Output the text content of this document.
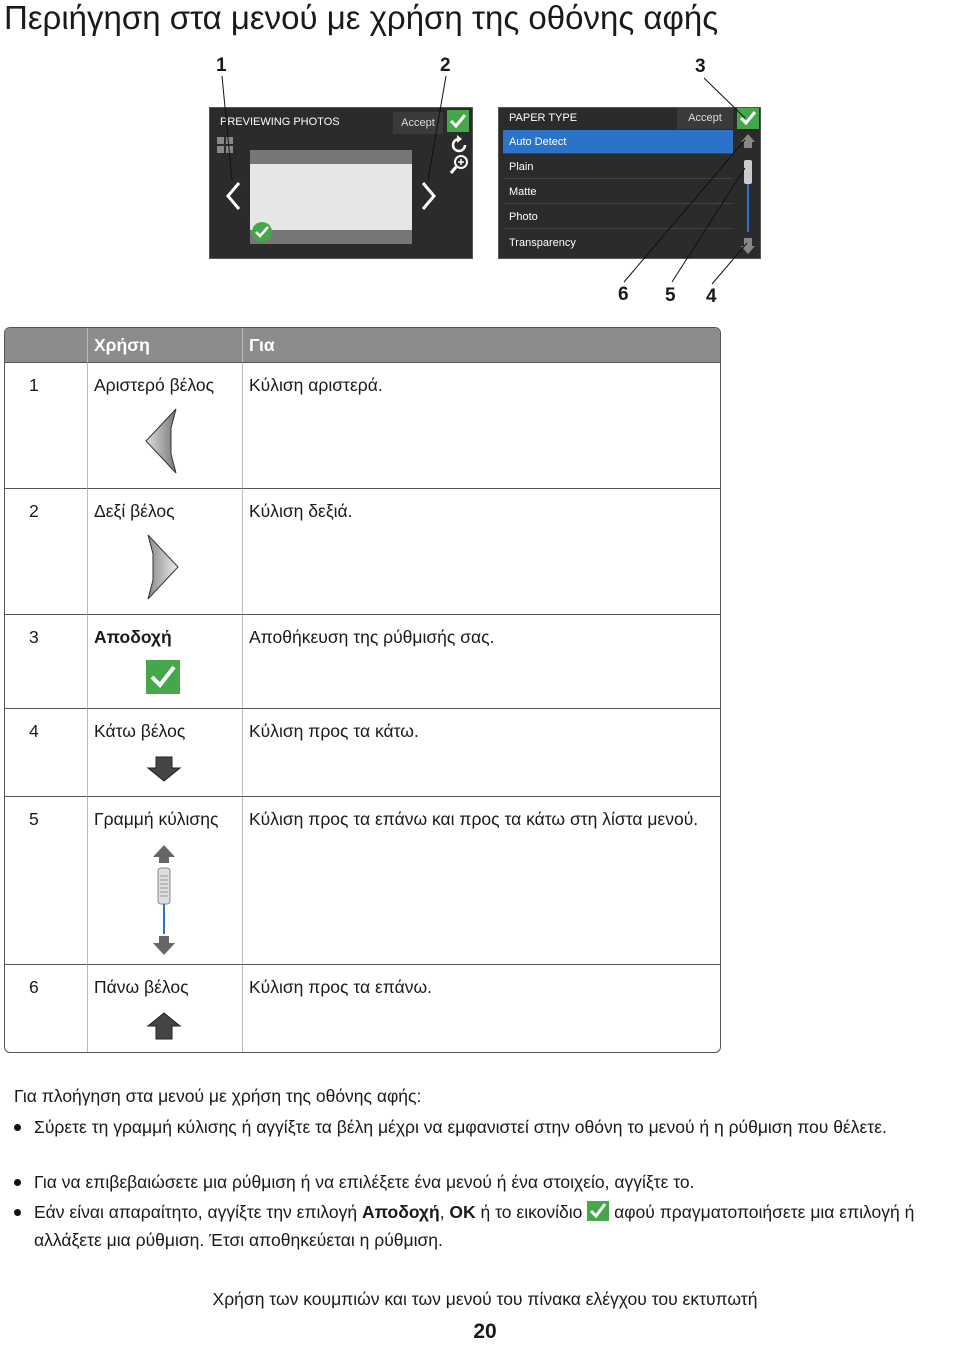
Περιήγηση στα μενού με χρήση της οθόνης αφής
1	2	3
6 5 4
PREVIEWING PHOTOS	Accept	PAPER TYPE	Accept
Auto Detect
Plain
Matte
Photo
Transparency
	Χρήση	Για

1	Αριστερό βέλος	Κύλιση αριστερά.

2	Δεξί βέλος	Κύλιση δεξιά.

3	Αποδοχή	Αποθήκευση της ρύθμισής σας.

4	Κάτω βέλος	Κύλιση προς τα κάτω.

5	Γραμμή κύλισης	Κύλιση προς τα επάνω και προς τα κάτω στη λίστα μενού.

6	Πάνω βέλος	Κύλιση προς τα επάνω.
Για πλοήγηση στα μενού με χρήση της οθόνης αφής:
Σύρετε τη γραμμή κύλισης ή αγγίξτε τα βέλη μέχρι να εμφανιστεί στην οθόνη το μενού ή η ρύθμιση που θέλετε.
Για να επιβεβαιώσετε μια ρύθμιση ή να επιλέξετε ένα μενού ή ένα στοιχείο, αγγίξτε το.
Εάν είναι απαραίτητο, αγγίξτε την επιλογή Αποδοχή, OK ή το εικονίδιο  αφού πραγματοποιήσετε μια επιλογή ή αλλάξετε μια ρύθμιση. Έτσι αποθηκεύεται η ρύθμιση.
Χρήση των κουμπιών και των μενού του πίνακα ελέγχου του εκτυπωτή
20
